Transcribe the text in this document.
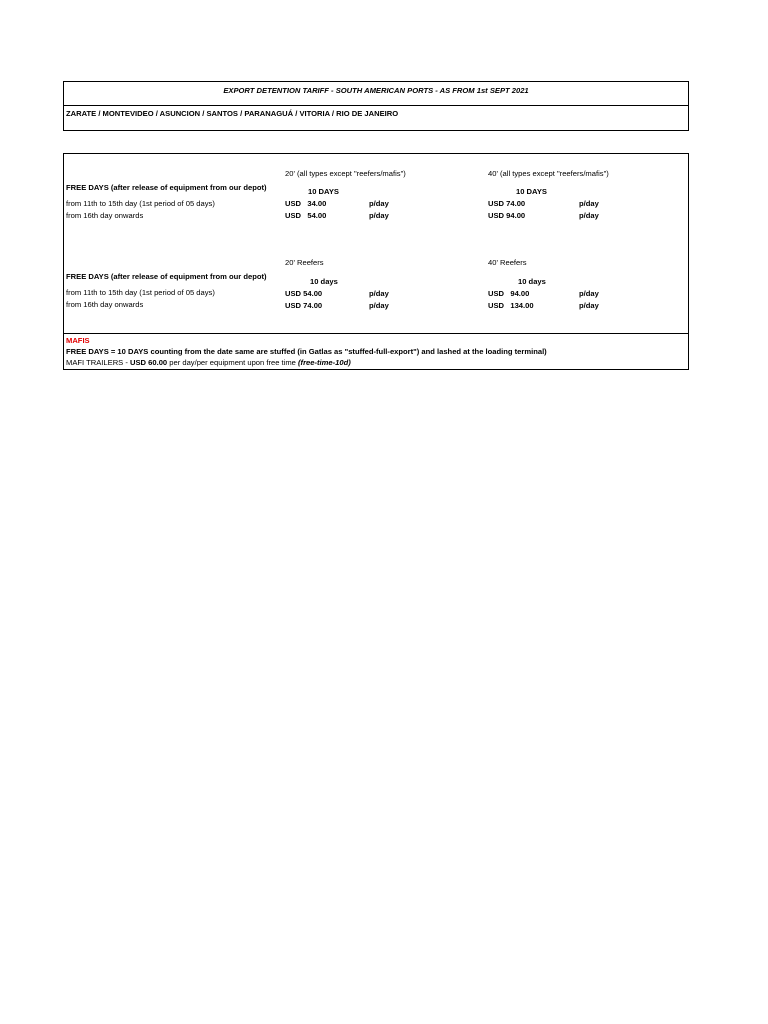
EXPORT DETENTION TARIFF - SOUTH AMERICAN PORTS - AS FROM 1st SEPT 2021
ZARATE / MONTEVIDEO / ASUNCION / SANTOS / PARANAGUÁ / VITORIA / RIO DE JANEIRO
20' (all types except "reefers/mafis")	40' (all types except "reefers/mafis")
FREE DAYS (after release of equipment from our depot)	10 DAYS	10 DAYS
from 11th to 15th day (1st period of 05 days)	USD   34.00	p/day	USD 74.00	p/day
from 16th day onwards	USD   54.00	p/day	USD 94.00	p/day
20' Reefers	40' Reefers
FREE DAYS (after release of equipment from our depot)
10 days	10 days
from 11th to 15th day (1st period of 05 days)	USD 54.00	p/day	USD   94.00	p/day
from 16th day onwards	USD 74.00	p/day	USD   134.00	p/day
MAFIS
FREE DAYS = 10 DAYS counting from the date same are stuffed (in Gatlas as "stuffed-full-export") and lashed at the loading terminal)
MAFI TRAILERS - USD 60.00 per day/per equipment upon free time (free-time-10d)
